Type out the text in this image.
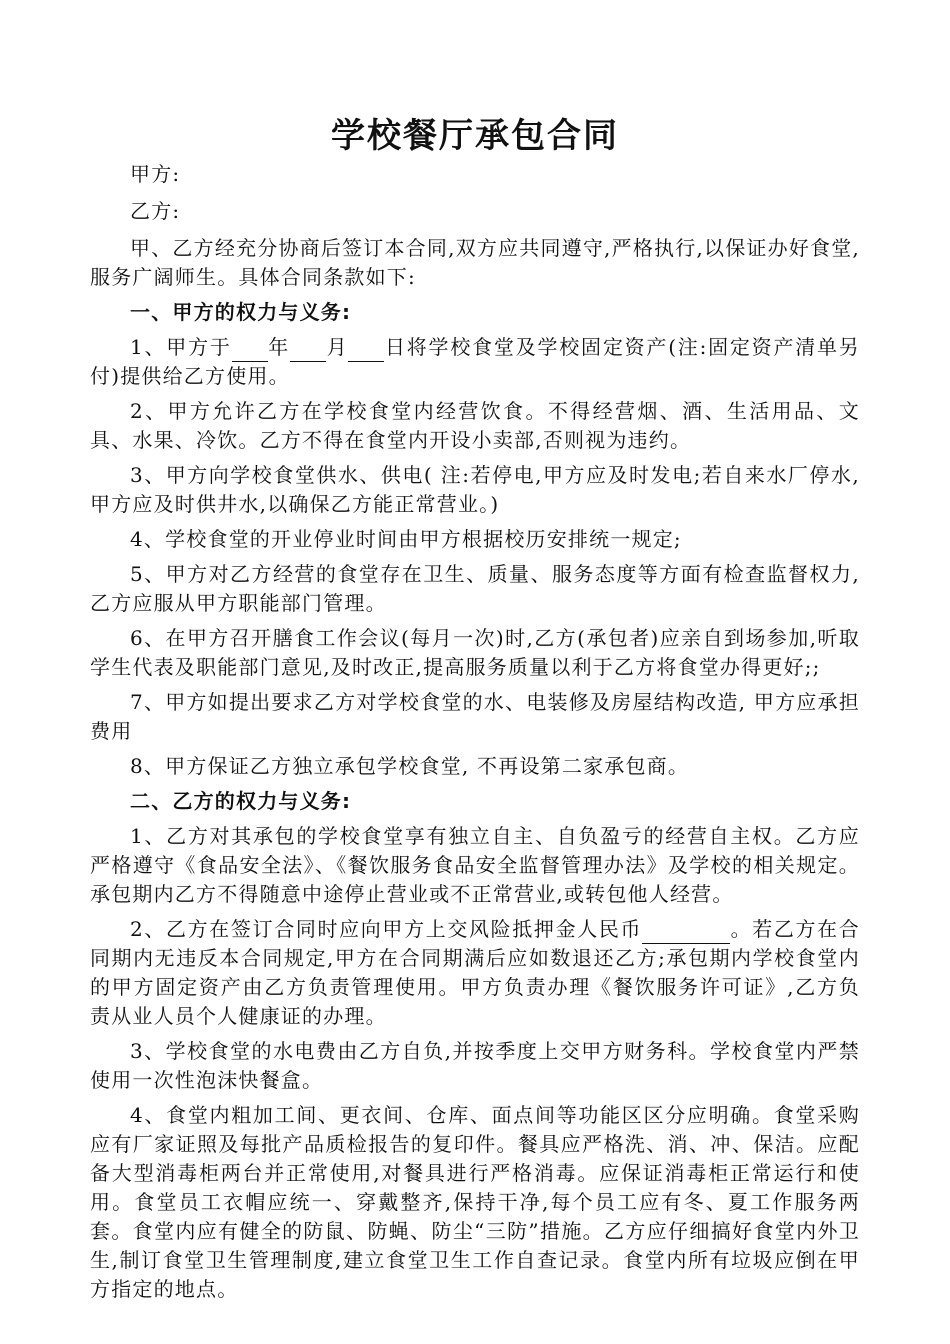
学校餐厅承包合同

甲方:

乙方:

甲、乙方经充分协商后签订本合同,双方应共同遵守,严格执行,以保证办好食堂,服务广阔师生。具体合同条款如下:

一、甲方的权力与义务:

1、甲方于 年 月 日将学校食堂及学校固定资产(注:固定资产清单另付)提供给乙方使用。

2、甲方允许乙方在学校食堂内经营饮食。不得经营烟、酒、生活用品、文具、水果、冷饮。乙方不得在食堂内开设小卖部,否则视为违约。

3、甲方向学校食堂供水、供电( 注:若停电,甲方应及时发电;若自来水厂停水,甲方应及时供井水,以确保乙方能正常营业。)

4、学校食堂的开业停业时间由甲方根据校历安排统一规定;

5、甲方对乙方经营的食堂存在卫生、质量、服务态度等方面有检查监督权力,乙方应服从甲方职能部门管理。

6、在甲方召开膳食工作会议(每月一次)时,乙方(承包者)应亲自到场参加,听取学生代表及职能部门意见,及时改正,提高服务质量以利于乙方将食堂办得更好;;

7、甲方如提出要求乙方对学校食堂的水、电装修及房屋结构改造, 甲方应承担费用

8、甲方保证乙方独立承包学校食堂, 不再设第二家承包商。

二、乙方的权力与义务:

1、乙方对其承包的学校食堂享有独立自主、自负盈亏的经营自主权。乙方应严格遵守《食品安全法》、《餐饮服务食品安全监督管理办法》及学校的相关规定。承包期内乙方不得随意中途停止营业或不正常营业,或转包他人经营。

2、乙方在签订合同时应向甲方上交风险抵押金人民币	。若乙方在合同期内无违反本合同规定,甲方在合同期满后应如数退还乙方;承包期内学校食堂内的甲方固定资产由乙方负责管理使用。甲方负责办理《餐饮服务许可证》,乙方负责从业人员个人健康证的办理。

3、学校食堂的水电费由乙方自负,并按季度上交甲方财务科。学校食堂内严禁使用一次性泡沫快餐盒。

4、食堂内粗加工间、更衣间、仓库、面点间等功能区区分应明确。食堂采购应有厂家证照及每批产品质检报告的复印件。餐具应严格洗、消、冲、保洁。应配备大型消毒柜两台并正常使用,对餐具进行严格消毒。应保证消毒柜正常运行和使用。食堂员工衣帽应统一、穿戴整齐,保持干净,每个员工应有冬、夏工作服务两套。食堂内应有健全的防鼠、防蝇、防尘“三防”措施。乙方应仔细搞好食堂内外卫生,制订食堂卫生管理制度,建立食堂卫生工作自查记录。食堂内所有垃圾应倒在甲方指定的地点。
